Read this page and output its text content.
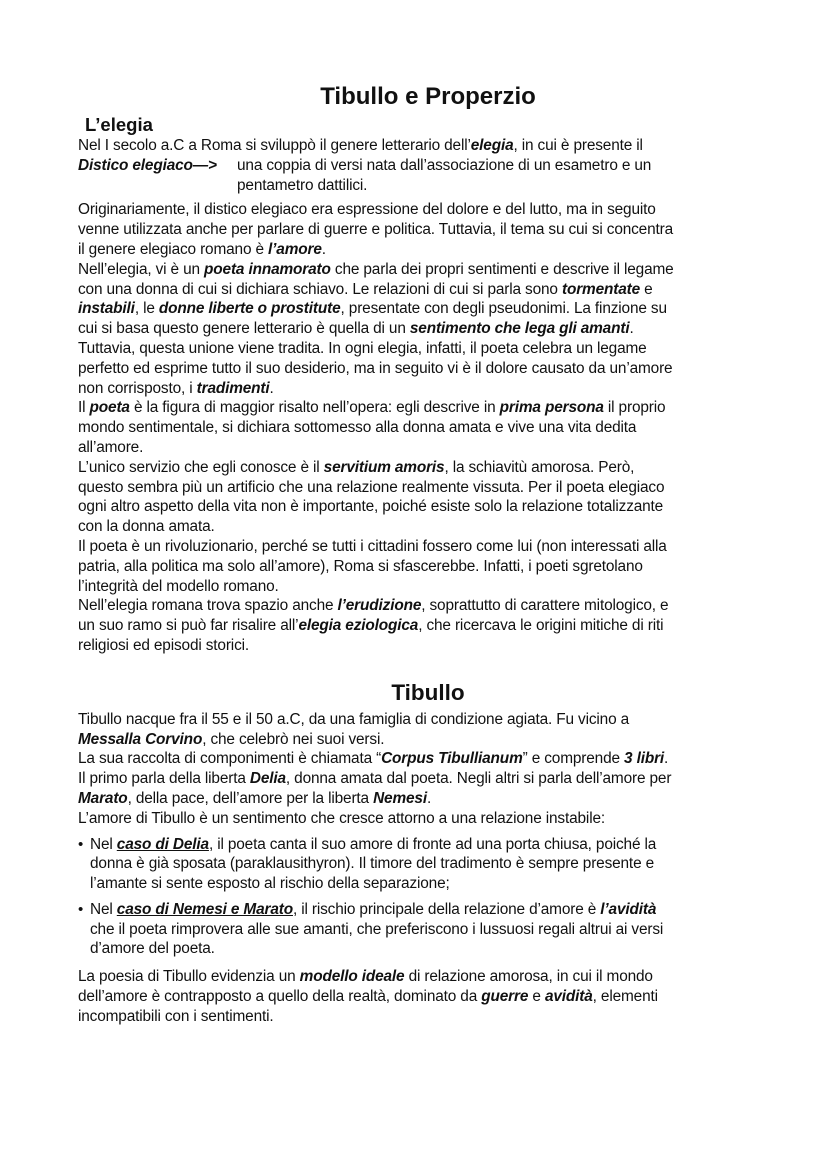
Tibullo e Properzio
L’elegia
Nel I secolo a.C a Roma si sviluppò il genere letterario dell’elegia, in cui è presente il
Distico elegiaco—>	una coppia di versi nata dall’associazione di un esametro e un
pentametro dattilici.
Originariamente, il distico elegiaco era espressione del dolore e del lutto, ma in seguito
venne utilizzata anche per parlare di guerre e politica. Tuttavia, il tema su cui si concentra
il genere elegiaco romano è l’amore.
Nell’elegia, vi è un poeta innamorato che parla dei propri sentimenti e descrive il legame
con una donna di cui si dichiara schiavo. Le relazioni di cui si parla sono tormentate e
instabili, le donne liberte o prostitute, presentate con degli pseudonimi. La finzione su
cui si basa questo genere letterario è quella di un sentimento che lega gli amanti.
Tuttavia, questa unione viene tradita. In ogni elegia, infatti, il poeta celebra un legame
perfetto ed esprime tutto il suo desiderio, ma in seguito vi è il dolore causato da un’amore
non corrisposto, i tradimenti.
Il poeta è la figura di maggior risalto nell’opera: egli descrive in prima persona il proprio
mondo sentimentale, si dichiara sottomesso alla donna amata e vive una vita dedita
all’amore.
L’unico servizio che egli conosce è il servitium amoris, la schiavitù amorosa. Però,
questo sembra più un artificio che una relazione realmente vissuta. Per il poeta elegiaco
ogni altro aspetto della vita non è importante, poiché esiste solo la relazione totalizzante
con la donna amata.
Il poeta è un rivoluzionario, perché se tutti i cittadini fossero come lui (non interessati alla
patria, alla politica ma solo all’amore), Roma si sfascerebbe. Infatti, i poeti sgretolano
l’integrità del modello romano.
Nell’elegia romana trova spazio anche l’erudizione, soprattutto di carattere mitologico, e
un suo ramo si può far risalire all’elegia eziologica, che ricercava le origini mitiche di riti
religiosi ed episodi storici.
Tibullo
Tibullo nacque fra il 55 e il 50 a.C, da una famiglia di condizione agiata. Fu vicino a
Messalla Corvino, che celebrò nei suoi versi.
La sua raccolta di componimenti è chiamata “Corpus Tibullianum” e comprende 3 libri.
Il primo parla della liberta Delia, donna amata dal poeta. Negli altri si parla dell’amore per
Marato, della pace, dell’amore per la liberta Nemesi.
L’amore di Tibullo è un sentimento che cresce attorno a una relazione instabile:
• Nel caso di Delia, il poeta canta il suo amore di fronte ad una porta chiusa, poiché la
donna è già sposata (paraklausithyron). Il timore del tradimento è sempre presente e
l’amante si sente esposto al rischio della separazione;
• Nel caso di Nemesi e Marato, il rischio principale della relazione d’amore è l’avidità
che il poeta rimprovera alle sue amanti, che preferiscono i lussuosi regali altrui ai versi
d’amore del poeta.
La poesia di Tibullo evidenzia un modello ideale di relazione amorosa, in cui il mondo
dell’amore è contrapposto a quello della realtà, dominato da guerre e avidità, elementi
incompatibili con i sentimenti.
